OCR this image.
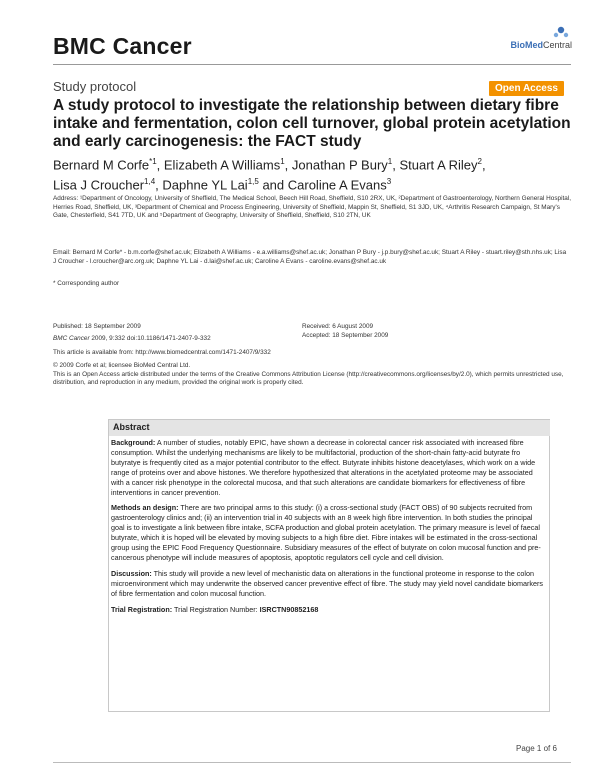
BMC Cancer	BioMedCentral
Study protocol	Open Access
A study protocol to investigate the relationship between dietary fibre intake and fermentation, colon cell turnover, global protein acetylation and early carcinogenesis: the FACT study
Bernard M Corfe$^{*1}$, Elizabeth A Williams$^1$, Jonathan P Bury$^1$, Stuart A Riley$^2$,
Lisa J Croucher$^{1,4}$, Daphne YL Lai$^{1,5}$ and Caroline A Evans$^3$
Address: ¹Department of Oncology, University of Sheffield, The Medical School, Beech Hill Road, Sheffield, S10 2RX, UK, ²Department of Gastroenterology, Northern General Hospital, Herries Road, Sheffield, UK, ³Department of Chemical and Process Engineering, University of Sheffield, Mappin St, Sheffield, S1 3JD, UK, ⁴Arthritis Research Campaign, St Mary's Gate, Chesterfield, S41 7TD, UK and ⁵Department of Geography, University of Sheffield, Sheffield, S10 2TN, UK
Email: Bernard M Corfe* - b.m.corfe@shef.ac.uk; Elizabeth A Williams - e.a.williams@shef.ac.uk; Jonathan P Bury - j.p.bury@shef.ac.uk; Stuart A Riley - stuart.riley@sth.nhs.uk; Lisa J Croucher - l.croucher@arc.org.uk; Daphne YL Lai - d.lai@shef.ac.uk; Caroline A Evans - caroline.evans@shef.ac.uk
* Corresponding author
Published: 18 September 2009
BMC Cancer 2009, 9:332 doi:10.1186/1471-2407-9-332
Received: 6 August 2009
Accepted: 18 September 2009
This article is available from: http://www.biomedcentral.com/1471-2407/9/332
© 2009 Corfe et al; licensee BioMed Central Ltd.
This is an Open Access article distributed under the terms of the Creative Commons Attribution License (http://creativecommons.org/licenses/by/2.0), which permits unrestricted use, distribution, and reproduction in any medium, provided the original work is properly cited.
Abstract

Background: A number of studies, notably EPIC, have shown a decrease in colorectal cancer risk associated with increased fibre consumption. Whilst the underlying mechanisms are likely to be multifactorial, production of the short-chain fatty-acid butyrate fro butyratye is frequently cited as a major potential contributor to the effect. Butyrate inhibits histone deacetylases, which work on a wide range of proteins over and above histones. We therefore hypothesized that alterations in the acetylated proteome may be associated with a cancer risk phenotype in the colorectal mucosa, and that such alterations are candidate biomarkers for effectiveness of fibre interventions in cancer prevention.

Methods an design: There are two principal arms to this study: (i) a cross-sectional study (FACT OBS) of 90 subjects recruited from gastroenterology clinics and; (ii) an intervention trial in 40 subjects with an 8 week high fibre intervention. In both studies the principal goal is to investigate a link between fibre intake, SCFA production and global protein acetylation. The primary measure is level of faecal butyrate, which it is hoped will be elevated by moving subjects to a high fibre diet. Fibre intakes will be estimated in the cross-sectional group using the EPIC Food Frequency Questionnaire. Subsidiary measures of the effect of butyrate on colon mucosal function and pre-cancerous phenotype will include measures of apoptosis, apoptotic regulators cell cycle and cell division.

Discussion: This study will provide a new level of mechanistic data on alterations in the functional proteome in response to the colon microenvironment which may underwrite the observed cancer preventive effect of fibre. The study may yield novel candidate biomarkers of fibre fermentation and colon mucosal function.

Trial Registration: Trial Registration Number: ISRCTN90852168

Page 1 of 6
